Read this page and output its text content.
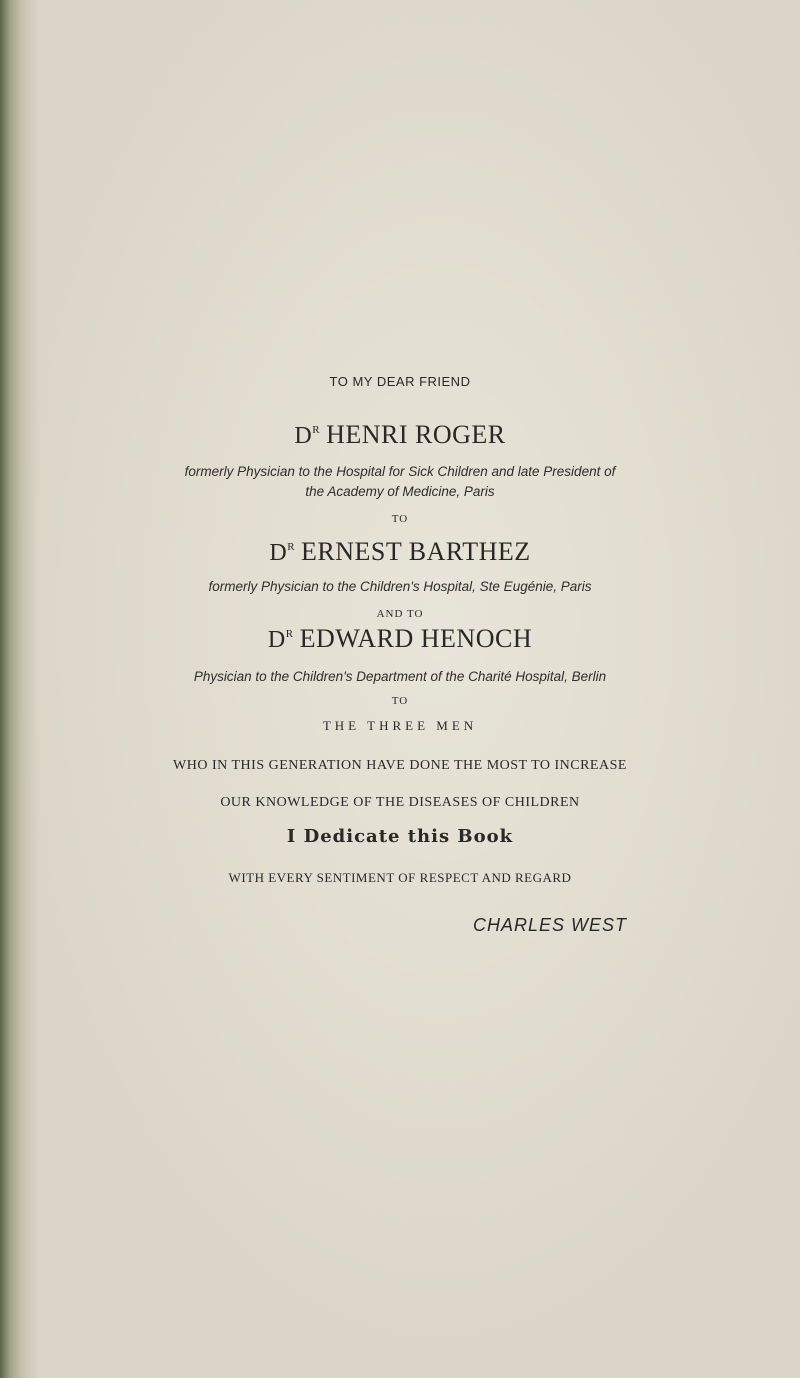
TO MY DEAR FRIEND
$D^R$ HENRI ROGER
formerly Physician to the Hospital for Sick Children and late President of
the Academy of Medicine, Paris
TO
$D^R$ ERNEST BARTHEZ
formerly Physician to the Children's Hospital, Ste Eugénie, Paris
AND TO
$D^R$ EDWARD HENOCH
Physician to the Children's Department of the Charité Hospital, Berlin
TO
THE THREE MEN
WHO IN THIS GENERATION HAVE DONE THE MOST TO INCREASE
OUR KNOWLEDGE OF THE DISEASES OF CHILDREN
I Dedicate this Book
WITH EVERY SENTIMENT OF RESPECT AND REGARD
CHARLES WEST
